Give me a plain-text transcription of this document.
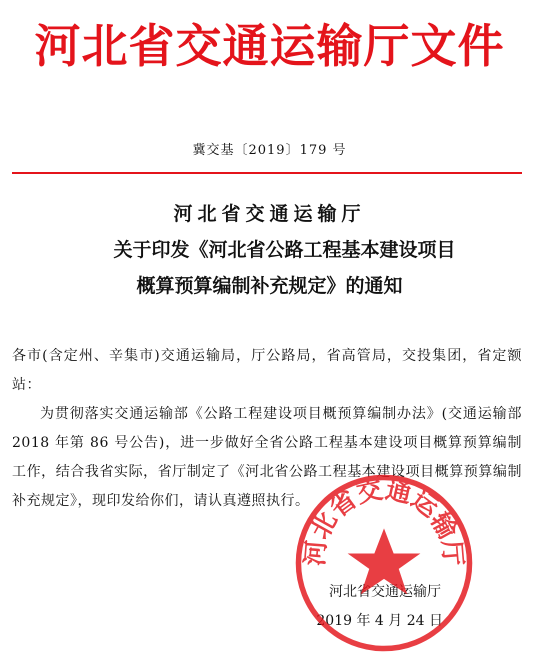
河北省交通运输厅文件
冀交基〔2019〕179 号
河北省交通运输厅
关于印发《河北省公路工程基本建设项目
概算预算编制补充规定》的通知
各市(含定州、辛集市)交通运输局，厅公路局，省高管局，交投集团，省定额站：
为贯彻落实交通运输部《公路工程建设项目概预算编制办法》(交通运输部 2018 年第 86 号公告)，进一步做好全省公路工程基本建设项目概算预算编制工作，结合我省实际，省厅制定了《河北省公路工程基本建设项目概算预算编制补充规定》，现印发给你们，请认真遵照执行。
河北省交通运输厅
2019 年 4 月 24 日
河北省交通运输厅
